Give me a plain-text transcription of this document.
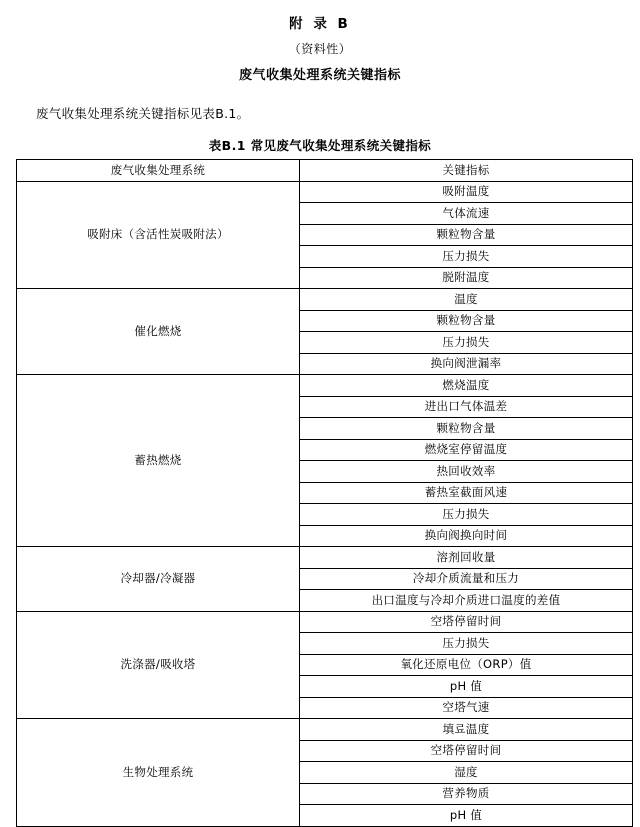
附 录 B
（资料性）
废气收集处理系统关键指标
废气收集处理系统关键指标见表B.1。
表B.1 常见废气收集处理系统关键指标
废气收集处理系统	关键指标
吸附床（含活性炭吸附法）	吸附温度
	气体流速
	颗粒物含量
	压力损失
	脱附温度
催化燃烧	温度
	颗粒物含量
	压力损失
	换向阀泄漏率
蓄热燃烧	燃烧温度
	进出口气体温差
	颗粒物含量
	燃烧室停留温度
	热回收效率
	蓄热室截面风速
	压力损失
	换向阀换向时间
冷却器/冷凝器	溶剂回收量
	冷却介质流量和压力
	出口温度与冷却介质进口温度的差值
洗涤器/吸收塔	空塔停留时间
	压力损失
	氧化还原电位（ORP）值
	pH 值
	空塔气速
生物处理系统	填료温度
	空塔停留时间
	湿度
	营养物质
	pH 值
